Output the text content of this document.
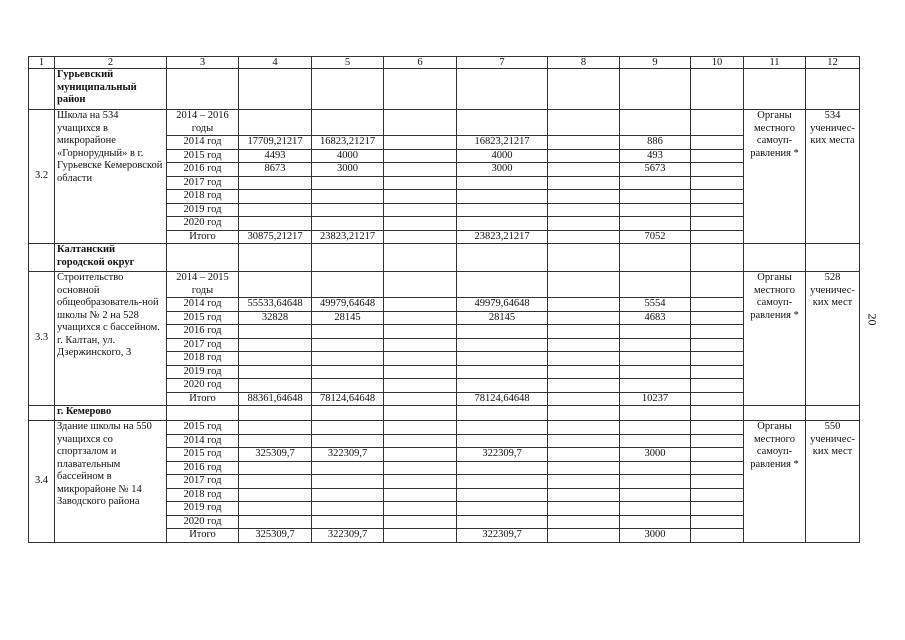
1	2	3	4	5	6	7	8	9	10	11	12
	Гурьевский муниципальный район										
3.2	Школа на 534 учащихся в микрорайоне «Горнорудный» в г. Гурьевске Кемеровской области	2014 – 2016 годы								Органы местного самоуп-равления *	534 ученичес-ких места
		2014 год	17709,21217	16823,21217		16823,21217		886			
		2015 год	4493	4000		4000		493			
		2016 год	8673	3000		3000		5673			
		2017 год									
		2018 год									
		2019 год									
		2020 год									
		Итого	30875,21217	23823,21217		23823,21217		7052			
	Калтанский городской округ										
3.3	Строительство основной общеобразователь-ной школы № 2 на 528 учащихся с бассейном. г. Калтан, ул. Дзержинского, 3	2014 – 2015 годы								Органы местного самоуп-равления *	528 ученичес-ких мест
		2014 год	55533,64648	49979,64648		49979,64648		5554			
		2015 год	32828	28145		28145		4683			
		2016 год									
		2017 год									
		2018 год									
		2019 год									
		2020 год									
		Итого	88361,64648	78124,64648		78124,64648		10237			
	г. Кемерово										
3.4	Здание школы на 550 учащихся со спортзалом и плавательным бассейном в микрорайоне № 14 Заводского района	2015 год								Органы местного самоуп-равления *	550 ученичес-ких мест
		2014 год									
		2015 год	325309,7	322309,7		322309,7		3000			
		2016 год									
		2017 год									
		2018 год									
		2019 год									
		2020 год									
		Итого	325309,7	322309,7		322309,7		3000			
20
